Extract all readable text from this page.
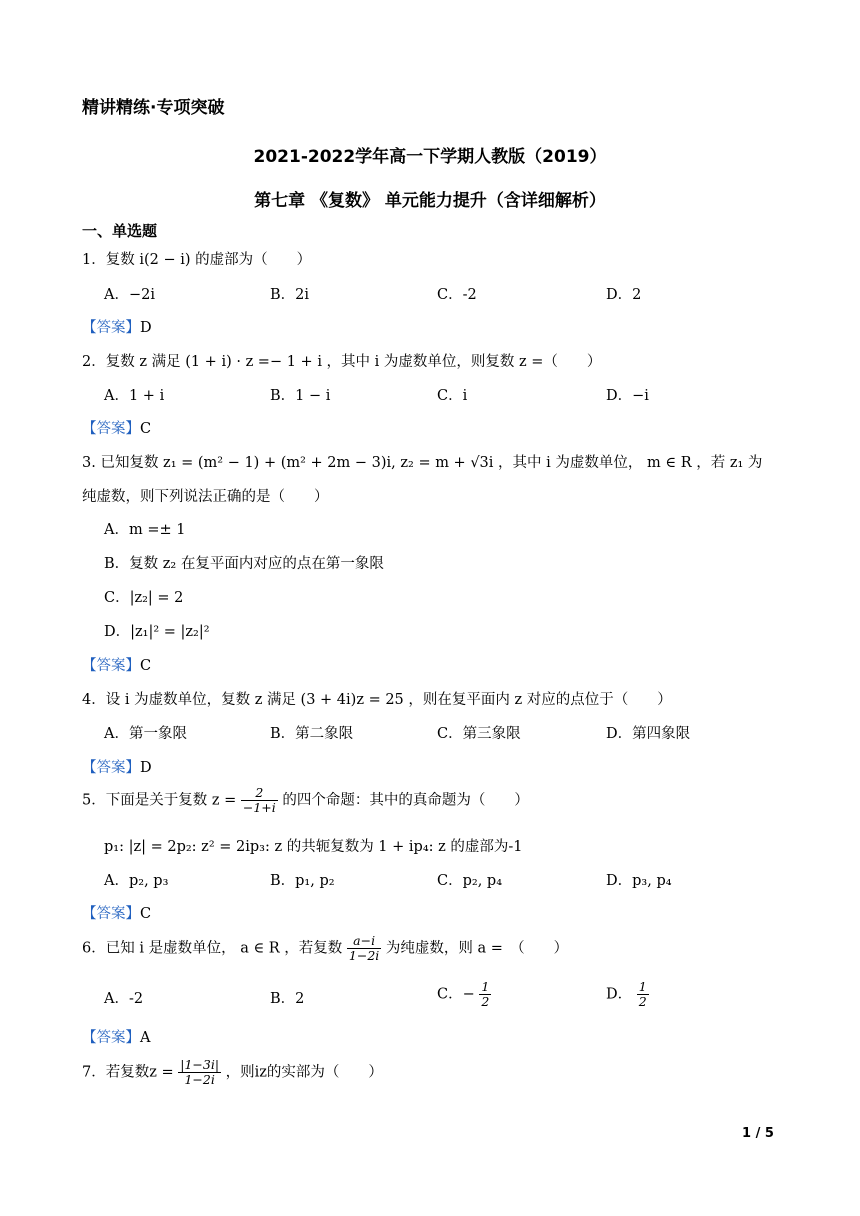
精讲精练·专项突破
2021-2022学年高一下学期人教版（2019）
第七章 《复数》 单元能力提升（含详细解析）
一、单选题
1．复数 i(2 − i) 的虚部为（　　）
A．−2i	B．2i	C．-2	D．2
【答案】D
2．复数 z 满足 (1 + i) · z =− 1 + i ，其中 i 为虚数单位，则复数 z =（　　）
A．1 + i	B．1 − i	C．i	D．−i
【答案】C
3. 已知复数 z₁ = (m² − 1) + (m² + 2m − 3)i, z₂ = m + √3i ，其中 i 为虚数单位， m ∈ R ，若 z₁ 为
纯虚数，则下列说法正确的是（　　）
A．m =± 1
B．复数 z₂ 在复平面内对应的点在第一象限
C．|z₂| = 2
D．|z₁|² = |z₂|²
【答案】C
4．设 i 为虚数单位，复数 z 满足 (3 + 4i)z = 25 ，则在复平面内 z 对应的点位于（　　）
A．第一象限	B．第二象限	C．第三象限	D．第四象限
【答案】D
5．下面是关于复数 $z = \frac{2}{-1+i}$ 的四个命题：其中的真命题为（　　）
p₁: |z| = 2p₂: z² = 2ip₃: z 的共轭复数为 1 + ip₄: z 的虚部为-1
A．p₂, p₃	B．p₁, p₂	C．p₂, p₄	D．p₃, p₄
【答案】C
6．已知 i 是虚数单位， a ∈ R ，若复数 $\frac{a-i}{1-2i}$ 为纯虚数，则 a =　（　　）
A．-2	B．2	C．− $\frac{1}{2}$	D． $\frac{1}{2}$
【答案】A
7．若复数$z = \frac{|1-3i|}{1-2i}$ ，则iz的实部为（　　）
1 / 5
